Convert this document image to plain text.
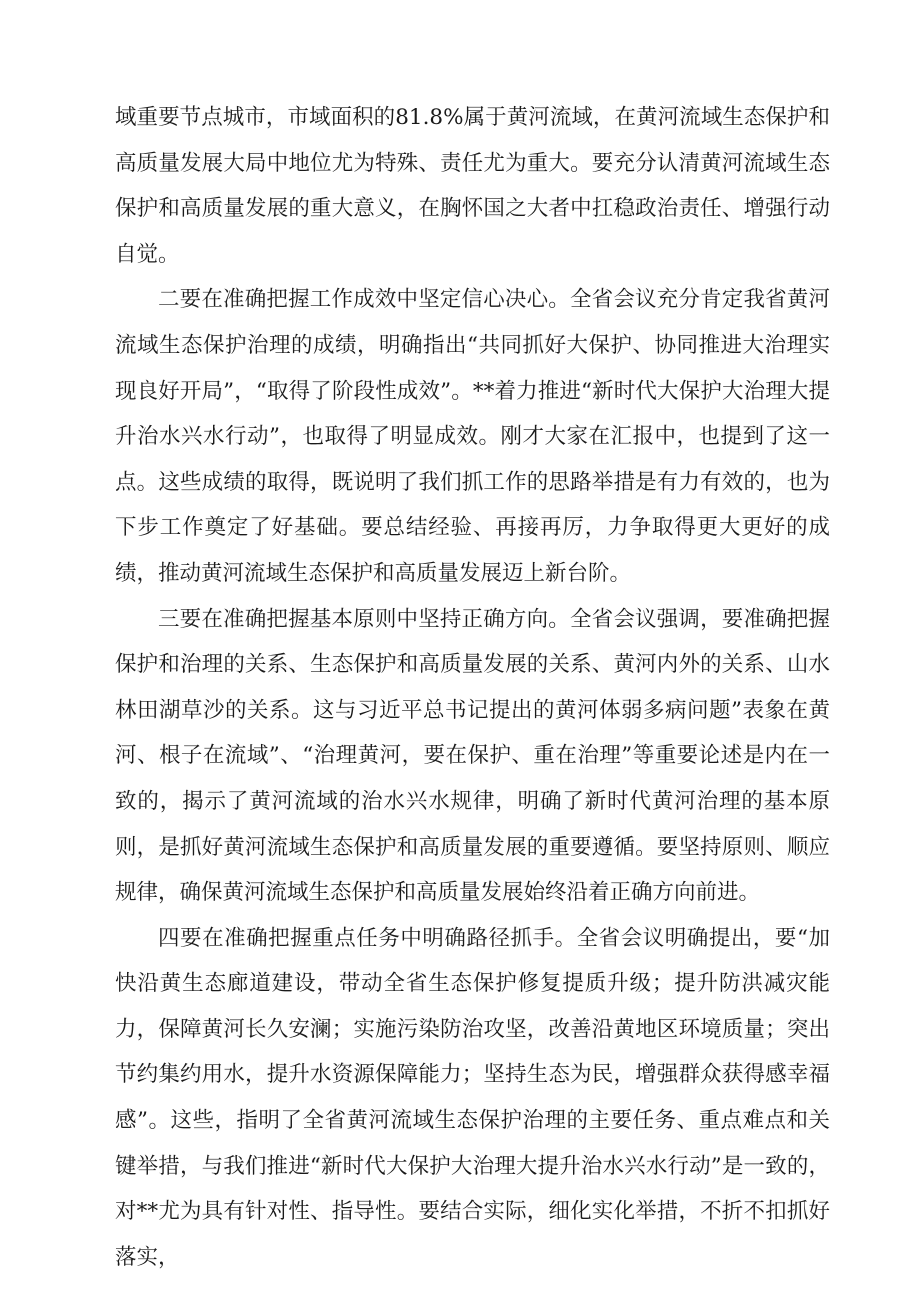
域重要节点城市，市域面积的81.8%属于黄河流域，在黄河流域生态保护和高质量发展大局中地位尤为特殊、责任尤为重大。要充分认清黄河流域生态保护和高质量发展的重大意义，在胸怀国之大者中扛稳政治责任、增强行动自觉。

二要在准确把握工作成效中坚定信心决心。全省会议充分肯定我省黄河流域生态保护治理的成绩，明确指出“共同抓好大保护、协同推进大治理实现良好开局”，“取得了阶段性成效”。**着力推进“新时代大保护大治理大提升治水兴水行动”，也取得了明显成效。刚才大家在汇报中，也提到了这一点。这些成绩的取得，既说明了我们抓工作的思路举措是有力有效的，也为下步工作奠定了好基础。要总结经验、再接再厉，力争取得更大更好的成绩，推动黄河流域生态保护和高质量发展迈上新台阶。

三要在准确把握基本原则中坚持正确方向。全省会议强调，要准确把握保护和治理的关系、生态保护和高质量发展的关系、黄河内外的关系、山水林田湖草沙的关系。这与习近平总书记提出的黄河体弱多病问题”表象在黄河、根子在流域”、“治理黄河，要在保护、重在治理”等重要论述是内在一致的，揭示了黄河流域的治水兴水规律，明确了新时代黄河治理的基本原则，是抓好黄河流域生态保护和高质量发展的重要遵循。要坚持原则、顺应规律，确保黄河流域生态保护和高质量发展始终沿着正确方向前进。

四要在准确把握重点任务中明确路径抓手。全省会议明确提出，要“加快沿黄生态廊道建设，带动全省生态保护修复提质升级；提升防洪减灾能力，保障黄河长久安澜；实施污染防治攻坚，改善沿黄地区环境质量；突出节约集约用水，提升水资源保障能力；坚持生态为民，增强群众获得感幸福感”。这些，指明了全省黄河流域生态保护治理的主要任务、重点难点和关键举措，与我们推进“新时代大保护大治理大提升治水兴水行动”是一致的，对**尤为具有针对性、指导性。要结合实际，细化实化举措，不折不扣抓好落实，
